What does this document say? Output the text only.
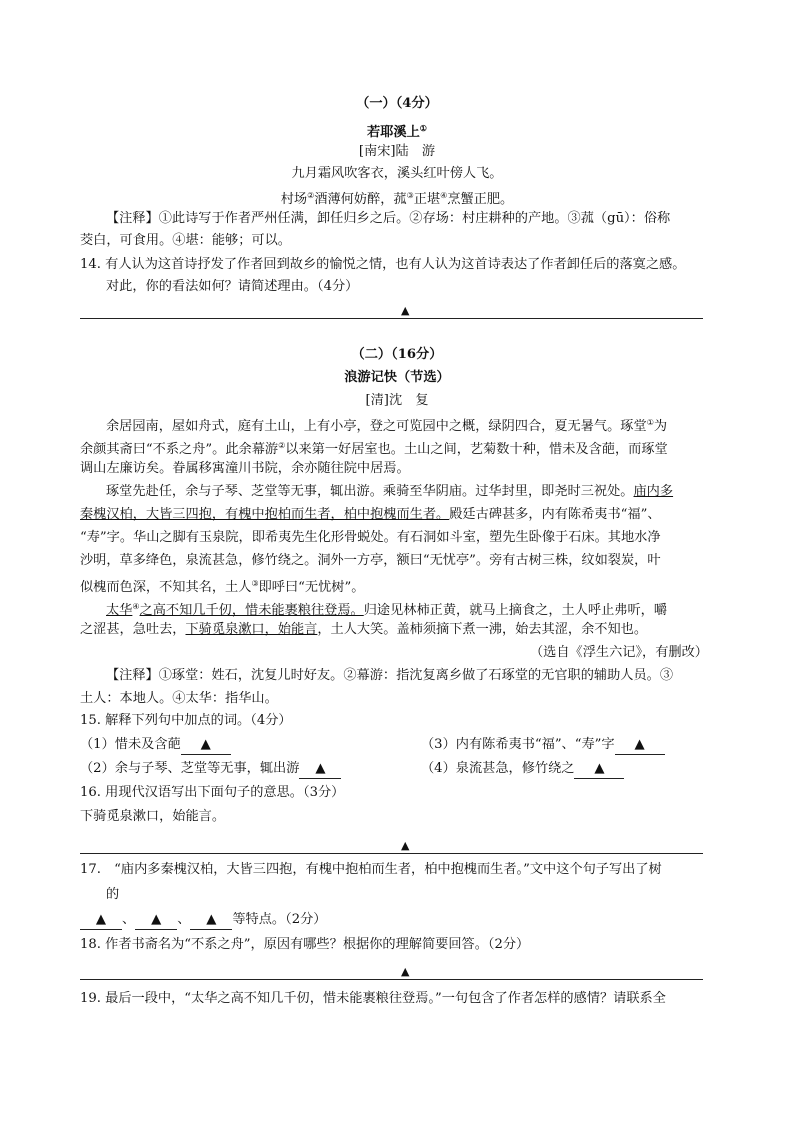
（一）（4分）
若耶溪上①
[南宋]陆　游
九月霜风吹客衣，溪头红叶傍人飞。
村场②酒薄何妨醉，菰③正堪④烹蟹正肥。
【注释】①此诗写于作者严州任满，卸任归乡之后。②存场：村庄耕种的产地。③菰（gū）：俗称
茭白，可食用。④堪：能够；可以。
14. 有人认为这首诗抒发了作者回到故乡的愉悦之情，也有人认为这首诗表达了作者卸任后的落寞之感。
对此，你的看法如何？请简述理由。（4分）
▲
（二）（16分）
浪游记快（节选）
[清]沈　复
余居园南，屋如舟式，庭有土山，上有小亭，登之可览园中之概，绿阴四合，夏无暑气。琢堂①为
余颜其斋曰“不系之舟”。此余幕游②以来第一好居室也。土山之间，艺菊数十种，惜未及含葩，而琢堂
调山左廉访矣。眷属移寓潼川书院，余亦随往院中居焉。
琢堂先赴任，余与子琴、芝堂等无事，辄出游。乘骑至华阴庙。过华封里，即尧时三祝处。庙内多
秦槐汉柏，大皆三四抱，有槐中抱柏而生者，柏中抱槐而生者。殿廷古碑甚多，内有陈希夷书“福”、
“寿”字。华山之脚有玉泉院，即希夷先生化形骨蜕处。有石洞如斗室，塑先生卧像于石床。其地水净
沙明，草多绛色，泉流甚急，修竹绕之。洞外一方亭，额曰“无忧亭”。旁有古树三株，纹如裂炭，叶
似槐而色深，不知其名，土人③即呼曰“无忧树”。
太华④之高不知几千仞，惜未能裹粮往登焉。归途见林柿正黄，就马上摘食之，土人呼止弗听，嚼
之涩甚，急吐去，下骑觅泉漱口，始能言，土人大笑。盖柿须摘下煮一沸，始去其涩，余不知也。
（选自《浮生六记》，有删改）
【注释】①琢堂：姓石，沈复儿时好友。②幕游：指沈复离乡做了石琢堂的无官职的辅助人员。③
土人：本地人。④太华：指华山。
15. 解释下列句中加点的词。（4分）
（1）惜未及含葩 ▲	（3）内有陈希夷书“福”、“寿”字 ▲
（2）余与子琴、芝堂等无事，辄出游 ▲	（4）泉流甚急，修竹绕之 ▲
16. 用现代汉语写出下面句子的意思。（3分）
下骑觅泉漱口，始能言。
▲
17.　“庙内多秦槐汉柏，大皆三四抱，有槐中抱柏而生者，柏中抱槐而生者。”文中这个句子写出了树
的
▲ 、 ▲ 、 ▲ 等特点。（2分）
18. 作者书斋名为“不系之舟”，原因有哪些？根据你的理解简要回答。（2分）
▲
19. 最后一段中，“太华之高不知几千仞，惜未能裹粮往登焉。”一句包含了作者怎样的感情？请联系全
